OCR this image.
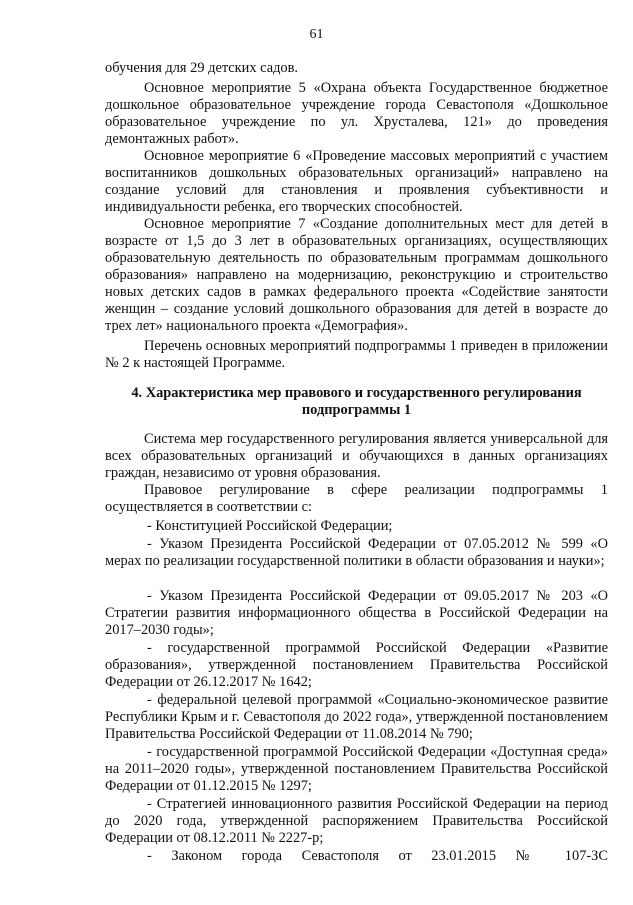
61

обучения для 29 детских садов.

Основное мероприятие 5 «Охрана объекта Государственное бюджетное дошкольное образовательное учреждение города Севастополя «Дошкольное образовательное учреждение по ул. Хрусталева, 121» до проведения демонтажных работ».

Основное мероприятие 6 «Проведение массовых мероприятий с участием воспитанников дошкольных образовательных организаций» направлено на создание условий для становления и проявления субъективности и индивидуальности ребенка, его творческих способностей.

Основное мероприятие 7 «Создание дополнительных мест для детей в возрасте от 1,5 до 3 лет в образовательных организациях, осуществляющих образовательную деятельность по образовательным программам дошкольного образования» направлено на модернизацию, реконструкцию и строительство новых детских садов в рамках федерального проекта «Содействие занятости женщин – создание условий дошкольного образования для детей в возрасте до трех лет» национального проекта «Демография».

Перечень основных мероприятий подпрограммы 1 приведен в приложении № 2 к настоящей Программе.

4. Характеристика мер правового и государственного регулирования подпрограммы 1

Система мер государственного регулирования является универсальной для всех образовательных организаций и обучающихся в данных организациях граждан, независимо от уровня образования.

Правовое регулирование в сфере реализации подпрограммы 1 осуществляется в соответствии с:

- Конституцией Российской Федерации;

- Указом Президента Российской Федерации от 07.05.2012 № 599 «О мерах по реализации государственной политики в области образования и науки»;

- Указом Президента Российской Федерации от 09.05.2017 № 203 «О Стратегии развития информационного общества в Российской Федерации на 2017–2030 годы»;

- государственной программой Российской Федерации «Развитие образования», утвержденной постановлением Правительства Российской Федерации от 26.12.2017 № 1642;

- федеральной целевой программой «Социально-экономическое развитие Республики Крым и г. Севастополя до 2022 года», утвержденной постановлением Правительства Российской Федерации от 11.08.2014 № 790;

- государственной программой Российской Федерации «Доступная среда» на 2011–2020 годы», утвержденной постановлением Правительства Российской Федерации от 01.12.2015 № 1297;

- Стратегией инновационного развития Российской Федерации на период до 2020 года, утвержденной распоряжением Правительства Российской Федерации от 08.12.2011 № 2227-р;

- Законом города Севастополя от 23.01.2015 № 107-ЗС
